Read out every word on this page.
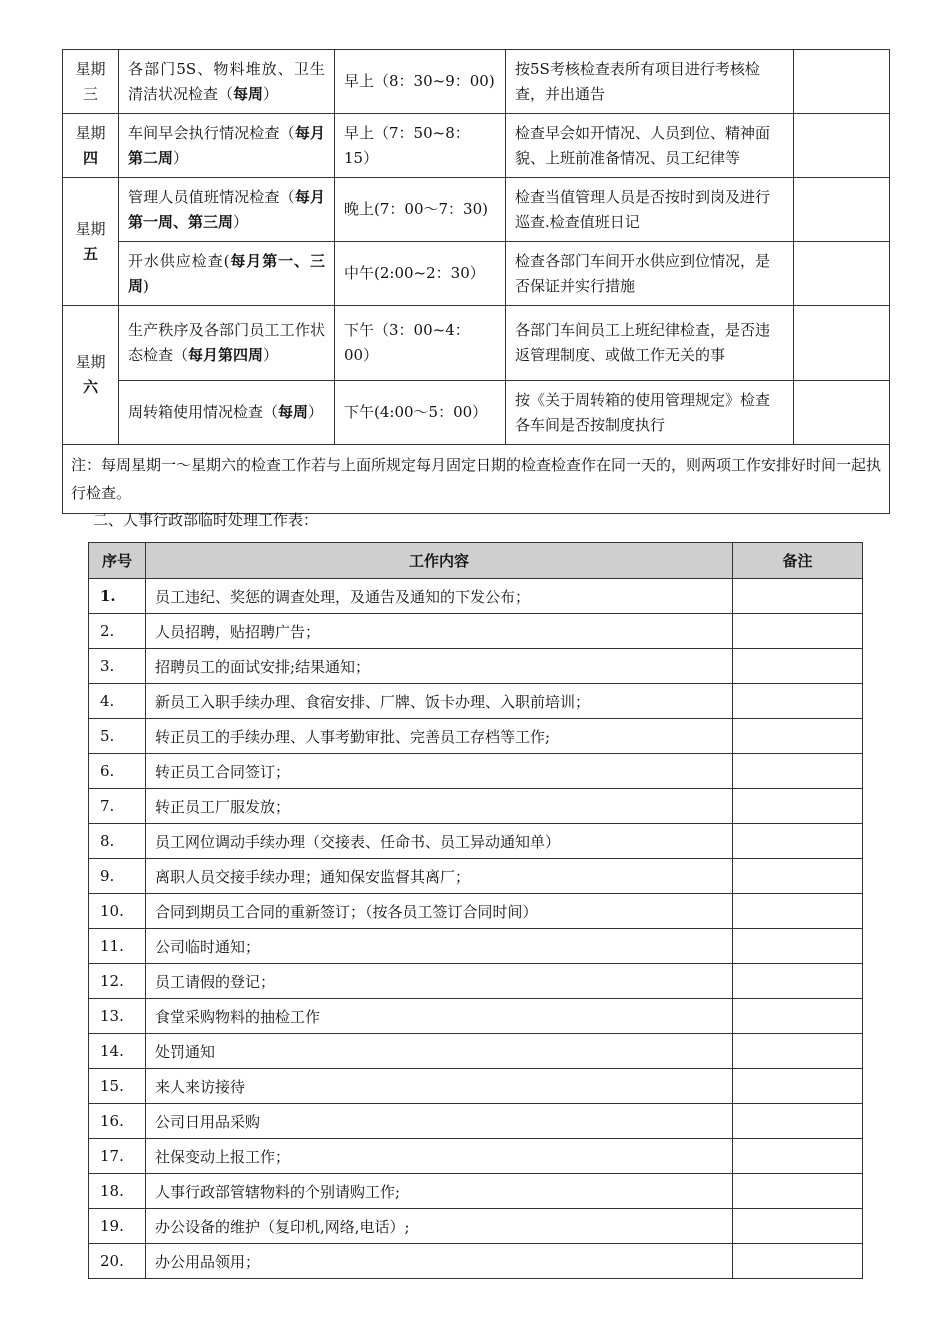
星期
三	各部门5S、物料堆放、卫生清洁状况检查（每周）	早上（8：30~9：00)	按5S考核检查表所有项目进行考核检查，并出通告	

星期
四	车间早会执行情况检查（每月第二周）	早上（7：50~8：15）	检查早会如开情况、人员到位、精神面貌、上班前准备情况、员工纪律等	

星期
五	管理人员值班情况检查（每月第一周、第三周）	晚上(7：00～7：30)	检查当值管理人员是否按时到岗及进行巡查.检查值班日记	
	开水供应检查(每月第一、三周)	中午(2:00~2：30）	检查各部门车间开水供应到位情况，是否保证并实行措施	

星期
六	生产秩序及各部门员工工作状态检查（每月第四周）	下午（3：00~4：00）	各部门车间员工上班纪律检查，是否违返管理制度、或做工作无关的事	
	周转箱使用情况检查（每周）	下午(4:00～5：00）	按《关于周转箱的使用管理规定》检查各车间是否按制度执行	
注：每周星期一～星期六的检查工作若与上面所规定每月固定日期的检查检查作在同一天的，则两项工作安排好时间一起执行检查。				
二、人事行政部临时处理工作表：
序号	工作内容	备注
1.	员工违纪、奖惩的调查处理，及通告及通知的下发公布；	
2.	人员招聘，贴招聘广告；	
3.	招聘员工的面试安排;结果通知；	
4.	新员工入职手续办理、食宿安排、厂牌、饭卡办理、入职前培训；	
5.	转正员工的手续办理、人事考勤审批、完善员工存档等工作;	
6.	转正员工合同签订；	
7.	转正员工厂服发放；	
8.	员工网位调动手续办理（交接表、任命书、员工异动通知单）	
9.	离职人员交接手续办理；通知保安监督其离厂；	
10.	合同到期员工合同的重新签订；（按各员工签订合同时间）	
11.	公司临时通知；	
12.	员工请假的登记；	
13.	食堂采购物料的抽检工作	
14.	处罚通知	
15.	来人来访接待	
16.	公司日用品采购	
17.	社保变动上报工作；	
18.	人事行政部管辖物料的个别请购工作;	
19.	办公设备的维护（复印机,网络,电话）;	
20.	办公用品领用；	
